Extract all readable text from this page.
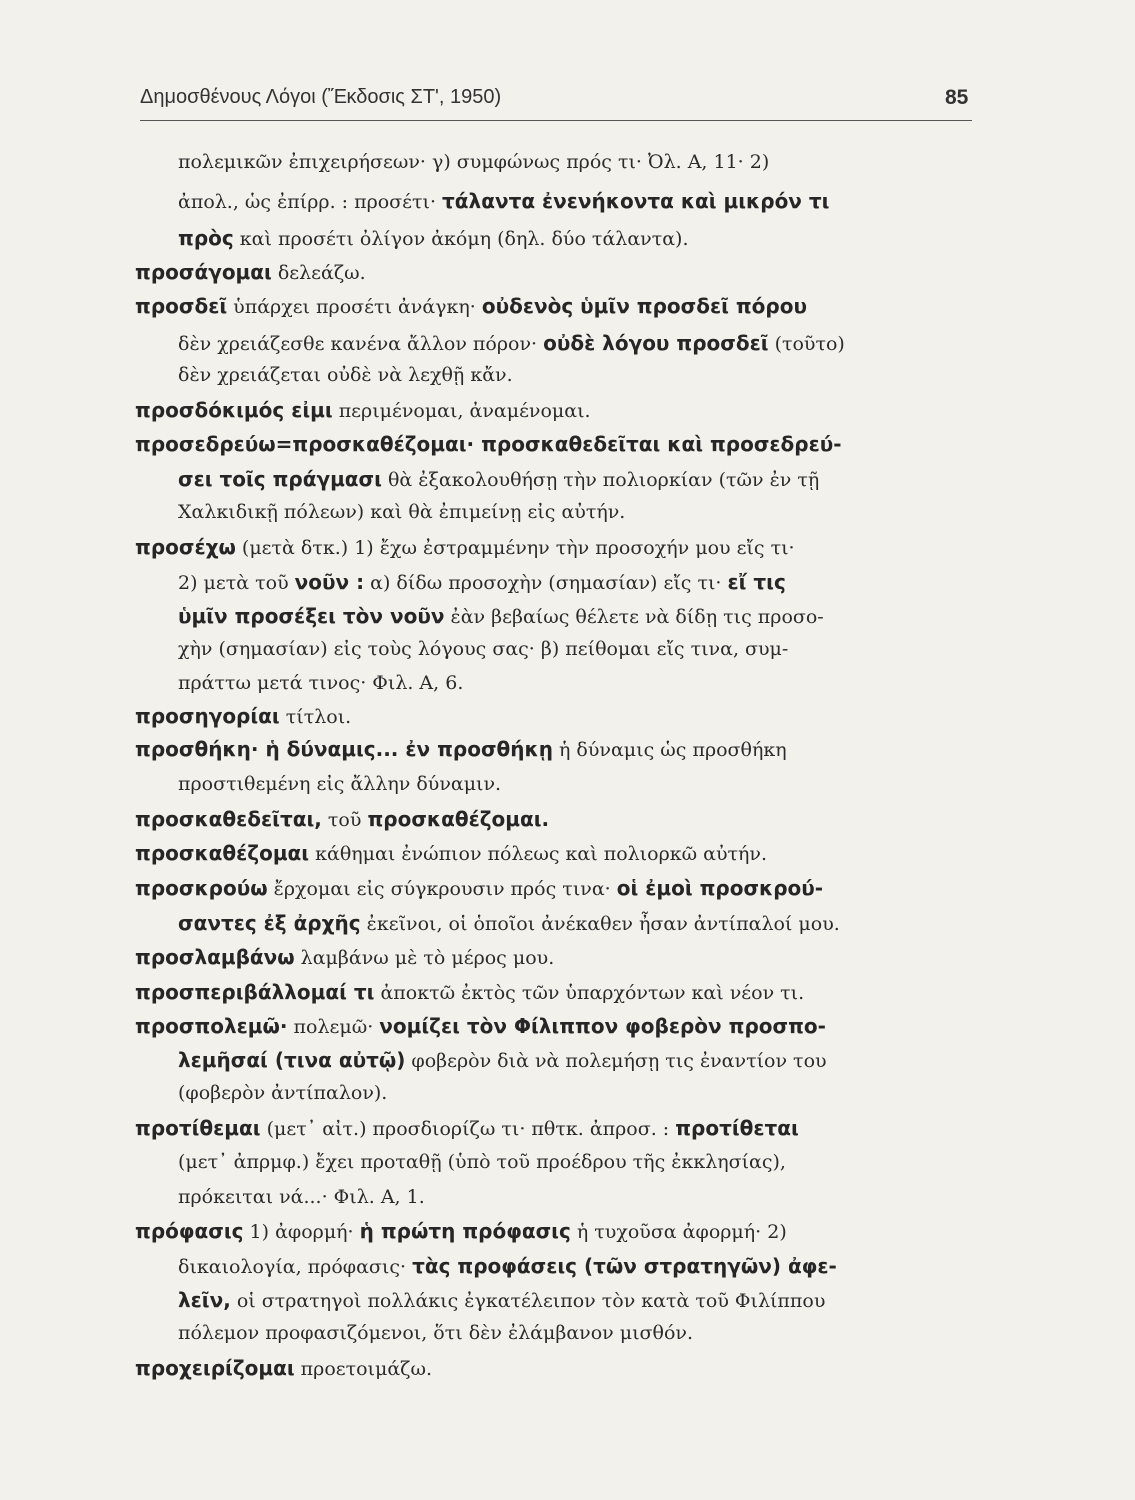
Δημοσθένους Λόγοι (Ἔκδοσις ΣΤ', 1950)	85
πολεμικῶν ἐπιχειρήσεων· γ) συμφώνως πρός τι· Ὀλ. Α, 11· 2)
ἀπολ., ὡς ἐπίρρ. : προσέτι· τάλαντα ἐνενήκοντα καὶ μικρόν τι
πρὸς καὶ προσέτι ὀλίγον ἀκόμη (δηλ. δύο τάλαντα).
προσάγομαι δελεάζω.
προσδεῖ ὑπάρχει προσέτι ἀνάγκη· οὐδενὸς ὑμῖν προσδεῖ πόρου
δὲν χρειάζεσθε κανένα ἄλλον πόρον· οὐδὲ λόγου προσδεῖ (τοῦτο)
δὲν χρειάζεται οὐδὲ νὰ λεχθῇ κἄν.
προσδόκιμός εἰμι περιμένομαι, ἀναμένομαι.
προσεδρεύω=προσκαθέζομαι· προσκαθεδεῖται καὶ προσεδρεύ-
σει τοῖς πράγμασι θὰ ἐξακολουθήσῃ τὴν πολιορκίαν (τῶν ἐν τῇ
Χαλκιδικῇ πόλεων) καὶ θὰ ἐπιμείνῃ εἰς αὐτήν.
προσέχω (μετὰ δτκ.) 1) ἔχω ἐστραμμένην τὴν προσοχήν μου εἴς τι·
2) μετὰ τοῦ νοῦν : α) δίδω προσοχὴν (σημασίαν) εἴς τι· εἴ τις
ὑμῖν προσέξει τὸν νοῦν ἐὰν βεβαίως θέλετε νὰ δίδῃ τις προσο-
χὴν (σημασίαν) εἰς τοὺς λόγους σας· β) πείθομαι εἴς τινα, συμ-
πράττω μετά τινος· Φιλ. Α, 6.
προσηγορίαι τίτλοι.
προσθήκη· ἡ δύναμις... ἐν προσθήκῃ ἡ δύναμις ὡς προσθήκη
προστιθεμένη εἰς ἄλλην δύναμιν.
προσκαθεδεῖται, τοῦ προσκαθέζομαι.
προσκαθέζομαι κάθημαι ἐνώπιον πόλεως καὶ πολιορκῶ αὐτήν.
προσκρούω ἔρχομαι εἰς σύγκρουσιν πρός τινα· οἱ ἐμοὶ προσκρού-
σαντες ἐξ ἀρχῆς ἐκεῖνοι, οἱ ὁποῖοι ἀνέκαθεν ἦσαν ἀντίπαλοί μου.
προσλαμβάνω λαμβάνω μὲ τὸ μέρος μου.
προσπεριβάλλομαί τι ἀποκτῶ ἐκτὸς τῶν ὑπαρχόντων καὶ νέον τι.
προσπολεμῶ· πολεμῶ· νομίζει τὸν Φίλιππον φοβερὸν προσπο-
λεμῆσαί (τινα αὐτῷ) φοβερὸν διὰ νὰ πολεμήσῃ τις ἐναντίον του
(φοβερὸν ἀντίπαλον).
προτίθεμαι (μετ᾽ αἰτ.) προσδιορίζω τι· πθτκ. ἀπροσ. : προτίθεται
(μετ᾽ ἀπρμφ.) ἔχει προταθῇ (ὑπὸ τοῦ προέδρου τῆς ἐκκλησίας),
πρόκειται νά...· Φιλ. Α, 1.
πρόφασις 1) ἀφορμή· ἡ πρώτη πρόφασις ἡ τυχοῦσα ἀφορμή· 2)
δικαιολογία, πρόφασις· τὰς προφάσεις (τῶν στρατηγῶν) ἀφε-
λεῖν, οἱ στρατηγοὶ πολλάκις ἐγκατέλειπον τὸν κατὰ τοῦ Φιλίππου
πόλεμον προφασιζόμενοι, ὅτι δὲν ἐλάμβανον μισθόν.
προχειρίζομαι προετοιμάζω.
